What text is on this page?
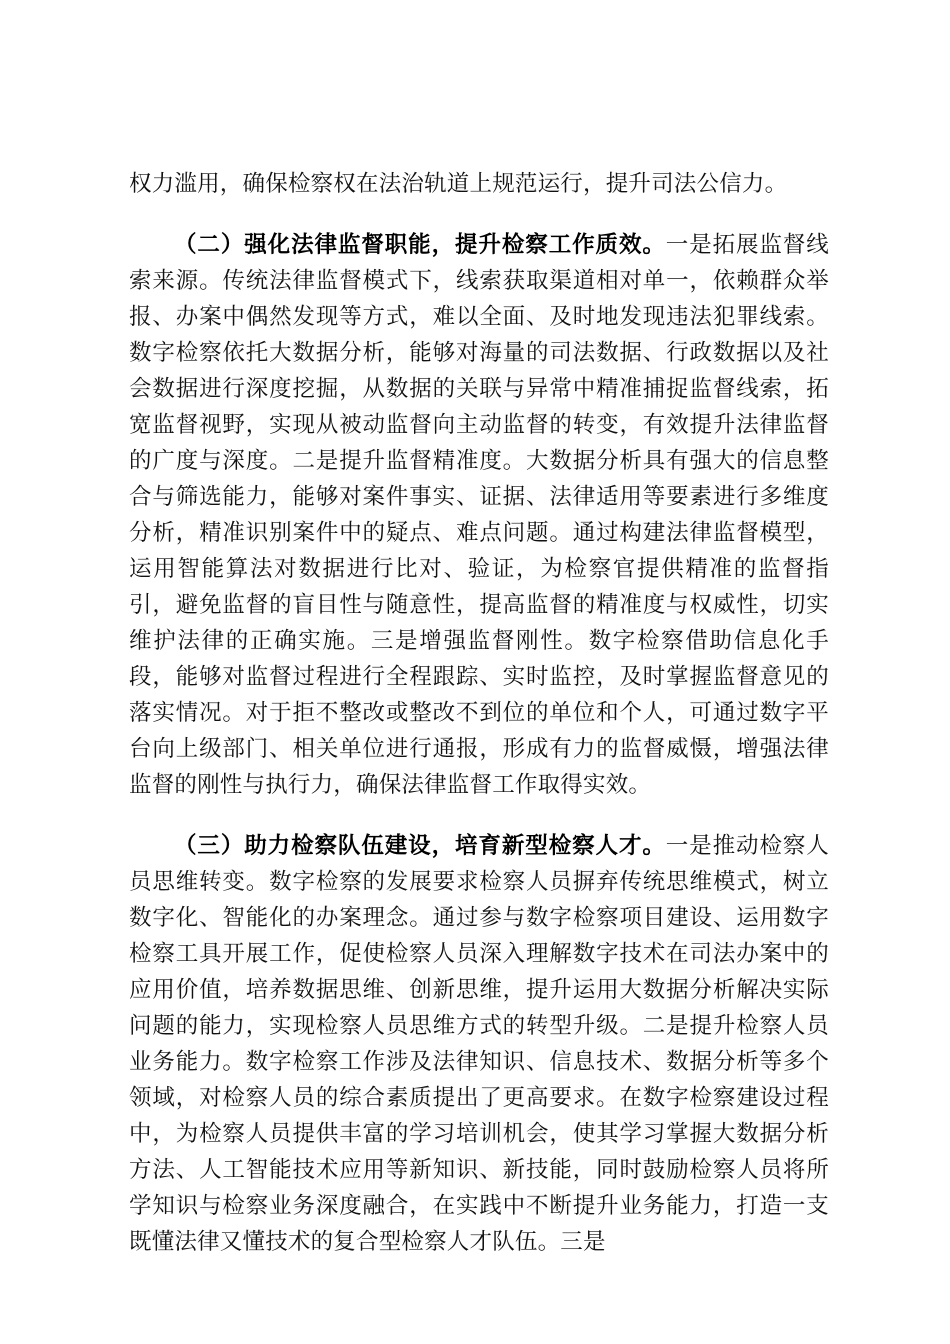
权力滥用，确保检察权在法治轨道上规范运行，提升司法公信力。

（二）强化法律监督职能，提升检察工作质效。一是拓展监督线索来源。传统法律监督模式下，线索获取渠道相对单一，依赖群众举报、办案中偶然发现等方式，难以全面、及时地发现违法犯罪线索。数字检察依托大数据分析，能够对海量的司法数据、行政数据以及社会数据进行深度挖掘，从数据的关联与异常中精准捕捉监督线索，拓宽监督视野，实现从被动监督向主动监督的转变，有效提升法律监督的广度与深度。二是提升监督精准度。大数据分析具有强大的信息整合与筛选能力，能够对案件事实、证据、法律适用等要素进行多维度分析，精准识别案件中的疑点、难点问题。通过构建法律监督模型，运用智能算法对数据进行比对、验证，为检察官提供精准的监督指引，避免监督的盲目性与随意性，提高监督的精准度与权威性，切实维护法律的正确实施。三是增强监督刚性。数字检察借助信息化手段，能够对监督过程进行全程跟踪、实时监控，及时掌握监督意见的落实情况。对于拒不整改或整改不到位的单位和个人，可通过数字平台向上级部门、相关单位进行通报，形成有力的监督威慑，增强法律监督的刚性与执行力，确保法律监督工作取得实效。

（三）助力检察队伍建设，培育新型检察人才。一是推动检察人员思维转变。数字检察的发展要求检察人员摒弃传统思维模式，树立数字化、智能化的办案理念。通过参与数字检察项目建设、运用数字检察工具开展工作，促使检察人员深入理解数字技术在司法办案中的应用价值，培养数据思维、创新思维，提升运用大数据分析解决实际问题的能力，实现检察人员思维方式的转型升级。二是提升检察人员业务能力。数字检察工作涉及法律知识、信息技术、数据分析等多个领域，对检察人员的综合素质提出了更高要求。在数字检察建设过程中，为检察人员提供丰富的学习培训机会，使其学习掌握大数据分析方法、人工智能技术应用等新知识、新技能，同时鼓励检察人员将所学知识与检察业务深度融合，在实践中不断提升业务能力，打造一支既懂法律又懂技术的复合型检察人才队伍。三是
